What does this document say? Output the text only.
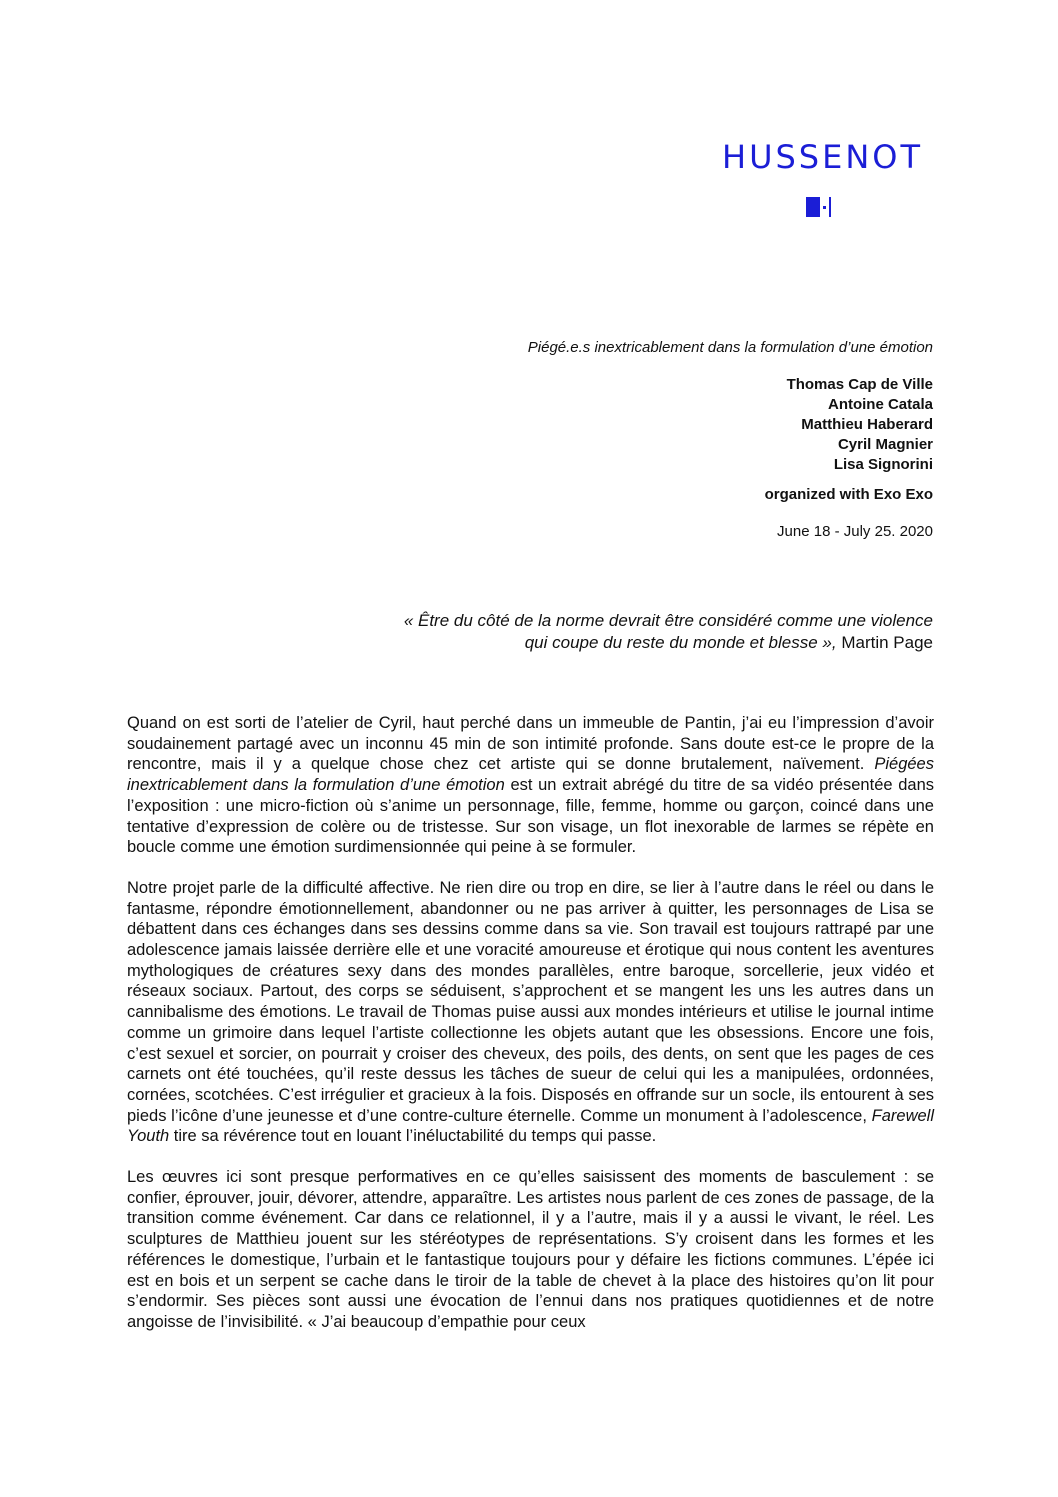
HUSSENOT
Piégé.e.s inextricablement dans la formulation d’une émotion
Thomas Cap de Ville
Antoine Catala
Matthieu Haberard
Cyril Magnier
Lisa Signorini
organized with Exo Exo
June 18 - July 25. 2020
« Être du côté de la norme devrait être considéré comme une violence
qui coupe du reste du monde et blesse », Martin Page

Quand on est sorti de l’atelier de Cyril, haut perché dans un immeuble de Pantin, j’ai eu l’impression d’avoir soudainement partagé avec un inconnu 45 min de son intimité profonde. Sans doute est-ce le propre de la rencontre, mais il y a quelque chose chez cet artiste qui se donne brutalement, naïvement. Piégées inextricablement dans la formulation d’une émotion est un extrait abrégé du titre de sa vidéo présentée dans l’exposition : une micro-fiction où s’anime un personnage, fille, femme, homme ou garçon, coincé dans une tentative d’expression de colère ou de tristesse. Sur son visage, un flot inexorable de larmes se répète en boucle comme une émotion surdimensionnée qui peine à se formuler.

Notre projet parle de la difficulté affective. Ne rien dire ou trop en dire, se lier à l’autre dans le réel ou dans le fantasme, répondre émotionnellement, abandonner ou ne pas arriver à quitter, les personnages de Lisa se débattent dans ces échanges dans ses dessins comme dans sa vie. Son travail est toujours rattrapé par une adolescence jamais laissée derrière elle et une voracité amoureuse et érotique qui nous content les aventures mythologiques de créatures sexy dans des mondes parallèles, entre baroque, sorcellerie, jeux vidéo et réseaux sociaux. Partout, des corps se séduisent, s’approchent et se mangent les uns les autres dans un cannibalisme des émotions. Le travail de Thomas puise aussi aux mondes intérieurs et utilise le journal intime comme un grimoire dans lequel l’artiste collectionne les objets autant que les obsessions. Encore une fois, c’est sexuel et sorcier, on pourrait y croiser des cheveux, des poils, des dents, on sent que les pages de ces carnets ont été touchées, qu’il reste dessus les tâches de sueur de celui qui les a manipulées, ordonnées, cornées, scotchées. C’est irrégulier et gracieux à la fois. Disposés en offrande sur un socle, ils entourent à ses pieds l’icône d’une jeunesse et d’une contre-culture éternelle. Comme un monument à l’adolescence, Farewell Youth tire sa révérence tout en louant l’inéluctabilité du temps qui passe.

Les œuvres ici sont presque performatives en ce qu’elles saisissent des moments de basculement : se confier, éprouver, jouir, dévorer, attendre, apparaître. Les artistes nous parlent de ces zones de passage, de la transition comme événement. Car dans ce relationnel, il y a l’autre, mais il y a aussi le vivant, le réel. Les sculptures de Matthieu jouent sur les stéréotypes de représentations. S’y croisent dans les formes et les références le domestique, l’urbain et le fantastique toujours pour y défaire les fictions communes. L’épée ici est en bois et un serpent se cache dans le tiroir de la table de chevet à la place des histoires qu’on lit pour s’endormir. Ses pièces sont aussi une évocation de l’ennui dans nos pratiques quotidiennes et de notre angoisse de l’invisibilité. « J’ai beaucoup d’empathie pour ceux
